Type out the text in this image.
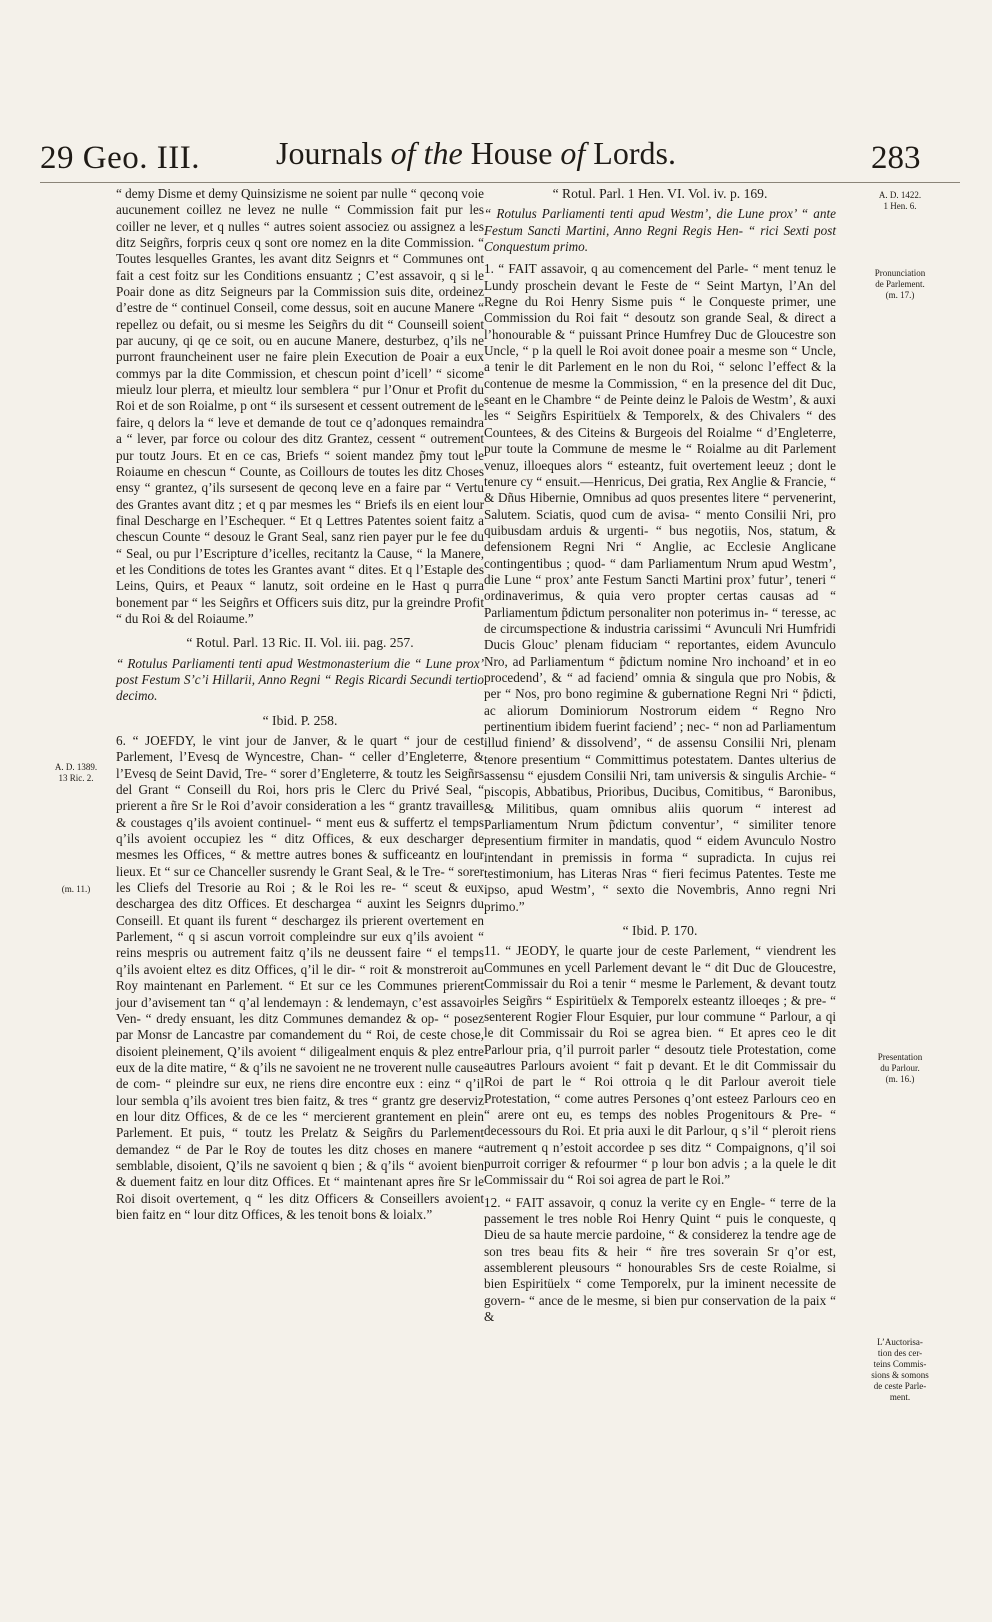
29 Geo. III. Journals of the House of Lords.	283
A. D. 1389.
13 Ric. 2.
(m. 11.)
A. D. 1422.
1 Hen. 6.
Pronunciation
de Parlement.
(m. 17.)
Presentation
du Parlour.
(m. 16.)
L’Auctorisa-
tion des cer-
teins Commis-
sions & somons
de ceste Parle-
ment.

“ demy Disme et demy Quinsizisme ne soient par nulle “ qeconq voie aucunement coillez ne levez ne nulle “ Commission fait pur les coiller ne lever, et q nulles “ autres soient associez ou assignez a les ditz Seigñrs, forpris ceux q sont ore nomez en la dite Commission. “ Toutes lesquelles Grantes, les avant ditz Seignrs et “ Communes ont fait a cest foitz sur les Conditions ensuantz ; C’est assavoir, q si le Poair done as ditz Seigneurs par la Commission suis dite, ordeinez d’estre de “ continuel Conseil, come dessus, soit en aucune Manere “ repellez ou defait, ou si mesme les Seigñrs du dit “ Counseill soient par aucuny, qi qe ce soit, ou en aucune Manere, desturbez, q’ils ne purront frauncheinent user ne faire plein Execution de Poair a eux commys par la dite Commission, et chescun point d’icell’ “ sicome mieulz lour plerra, et mieultz lour semblera “ pur l’Onur et Profit du Roi et de son Roialme, p ont “ ils sursesent et cessent outrement de le faire, q delors la “ leve et demande de tout ce q’adonques remaindra a “ lever, par force ou colour des ditz Grantez, cessent “ outrement pur toutz Jours. Et en ce cas, Briefs “ soient mandez p̃my tout le Roiaume en chescun “ Counte, as Coillours de toutes les ditz Choses ensy “ grantez, q’ils sursesent de qeconq leve en a faire par “ Vertu des Grantes avant ditz ; et q par mesmes les “ Briefs ils en eient lour final Descharge en l’Eschequer. “ Et q Lettres Patentes soient faitz a chescun Counte “ desouz le Grant Seal, sanz rien payer pur le fee du “ Seal, ou pur l’Escripture d’icelles, recitantz la Cause, “ la Manere, et les Conditions de totes les Grantes avant “ dites. Et q l’Estaple des Leins, Quirs, et Peaux “ lanutz, soit ordeine en le Hast q purra bonement par “ les Seigñrs et Officers suis ditz, pur la greindre Profit “ du Roi & del Roiaume.”

“ Rotul. Parl. 13 Ric. II. Vol. iii. pag. 257.

“ Rotulus Parliamenti tenti apud Westmonasterium die “ Lune prox’ post Festum S’c’i Hillarii, Anno Regni “ Regis Ricardi Secundi tertio decimo.

“ Ibid. P. 258.

6. “ JOEFDY, le vint jour de Janver, & le quart “ jour de cest Parlement, l’Evesq de Wyncestre, Chan- “ celler d’Engleterre, & l’Evesq de Seint David, Tre- “ sorer d’Engleterre, & toutz les Seigñrs del Grant “ Conseill du Roi, hors pris le Clerc du Privé Seal, “ prierent a ñre Sr le Roi d’avoir consideration a les “ grantz travailles & coustages q’ils avoient continuel- “ ment eus & suffertz el temps q’ils avoient occupiez les “ ditz Offices, & eux descharger de mesmes les Offices, “ & mettre autres bones & sufficeantz en lour lieux. Et “ sur ce Chanceller susrendy le Grant Seal, & le Tre- “ sorer les Cliefs del Tresorie au Roi ; & le Roi les re- “ sceut & eux deschargea des ditz Offices. Et deschargea “ auxint les Seignrs du Conseill. Et quant ils furent “ deschargez ils prierent overtement en Parlement, “ q si ascun vorroit compleindre sur eux q’ils avoient “ reins mespris ou autrement faitz q’ils ne deussent faire “ el temps q’ils avoient eltez es ditz Offices, q’il le dir- “ roit & monstreroit au Roy maintenant en Parlement. “ Et sur ce les Communes prierent jour d’avisement tan “ q’al lendemayn : & lendemayn, c’est assavoir Ven- “ dredy ensuant, les ditz Communes demandez & op- “ posez par Monsr de Lancastre par comandement du “ Roi, de ceste chose, disoient pleinement, Q’ils avoient “ diligealment enquis & plez entre eux de la dite matire, “ & q’ils ne savoient ne ne troverent nulle cause de com- “ pleindre sur eux, ne riens dire encontre eux : einz “ q’il lour sembla q’ils avoient tres bien faitz, & tres “ grantz gre deserviz en lour ditz Offices, & de ce les “ mercierent grantement en plein Parlement. Et puis, “ toutz les Prelatz & Seigñrs du Parlement demandez “ de Par le Roy de toutes les ditz choses en manere “ semblable, disoient, Q’ils ne savoient q bien ; & q’ils “ avoient bien & duement faitz en lour ditz Offices. Et “ maintenant apres ñre Sr le Roi disoit overtement, q “ les ditz Officers & Conseillers avoient bien faitz en “ lour ditz Offices, & les tenoit bons & loialx.”

“ Rotul. Parl. 1 Hen. VI. Vol. iv. p. 169.

“ Rotulus Parliamenti tenti apud Westm’, die Lune prox’ “ ante Festum Sancti Martini, Anno Regni Regis Hen- “ rici Sexti post Conquestum primo.

1. “ FAIT assavoir, q au comencement del Parle- “ ment tenuz le Lundy proschein devant le Feste de “ Seint Martyn, l’An del Regne du Roi Henry Sisme puis “ le Conqueste primer, une Commission du Roi fait “ desoutz son grande Seal, & direct a l’honourable & “ puissant Prince Humfrey Duc de Gloucestre son Uncle, “ p la quell le Roi avoit donee poair a mesme son “ Uncle, a tenir le dit Parlement en le non du Roi, “ selonc l’effect & la contenue de mesme la Commission, “ en la presence del dit Duc, seant en le Chambre “ de Peinte deinz le Palois de Westm’, & auxi les “ Seigñrs Espiritüelx & Temporelx, & des Chivalers “ des Countees, & des Citeins & Burgeois del Roialme “ d’Engleterre, pur toute la Commune de mesme le “ Roialme au dit Parlement venuz, illoeques alors “ esteantz, fuit overtement leeuz ; dont le tenure cy “ ensuit.—Henricus, Dei gratia, Rex Anglie & Francie, “ & Dñus Hibernie, Omnibus ad quos presentes litere “ pervenerint, Salutem. Sciatis, quod cum de avisa- “ mento Consilii Nri, pro quibusdam arduis & urgenti- “ bus negotiis, Nos, statum, & defensionem Regni Nri “ Anglie, ac Ecclesie Anglicane contingentibus ; quod- “ dam Parliamentum Nrum apud Westm’, die Lune “ prox’ ante Festum Sancti Martini prox’ futur’, teneri “ ordinaverimus, & quia vero propter certas causas ad “ Parliamentum p̃dictum personaliter non poterimus in- “ teresse, ac de circumspectione & industria carissimi “ Avunculi Nri Humfridi Ducis Glouc’ plenam fiduciam “ reportantes, eidem Avunculo Nro, ad Parliamentum “ p̃dictum nomine Nro inchoand’ et in eo procedend’, & “ ad faciend’ omnia & singula que pro Nobis, & per “ Nos, pro bono regimine & gubernatione Regni Nri “ p̃dicti, ac aliorum Dominiorum Nostrorum eidem “ Regno Nro pertinentium ibidem fuerint faciend’ ; nec- “ non ad Parliamentum illud finiend’ & dissolvend’, “ de assensu Consilii Nri, plenam tenore presentium “ Committimus potestatem. Dantes ulterius de assensu “ ejusdem Consilii Nri, tam universis & singulis Archie- “ piscopis, Abbatibus, Prioribus, Ducibus, Comitibus, “ Baronibus, & Militibus, quam omnibus aliis quorum “ interest ad Parliamentum Nrum p̃dictum conventur’, “ similiter tenore presentium firmiter in mandatis, quod “ eidem Avunculo Nostro intendant in premissis in forma “ supradicta. In cujus rei testimonium, has Literas Nras “ fieri fecimus Patentes. Teste me ipso, apud Westm’, “ sexto die Novembris, Anno regni Nri primo.”

“ Ibid. P. 170.

11. “ JEODY, le quarte jour de ceste Parlement, “ viendrent les Communes en ycell Parlement devant le “ dit Duc de Gloucestre, Commissair du Roi a tenir “ mesme le Parlement, & devant toutz les Seigñrs “ Espiritüelx & Temporelx esteantz illoeqes ; & pre- “ senterent Rogier Flour Esquier, pur lour commune “ Parlour, a qi le dit Commissair du Roi se agrea bien. “ Et apres ceo le dit Parlour pria, q’il purroit parler “ desoutz tiele Protestation, come autres Parlours avoient “ fait p devant. Et le dit Commissair du Roi de part le “ Roi ottroia q le dit Parlour averoit tiele Protestation, “ come autres Persones q’ont esteez Parlours ceo en “ arere ont eu, es temps des nobles Progenitours & Pre- “ decessours du Roi. Et pria auxi le dit Parlour, q s’il “ pleroit riens autrement q n’estoit accordee p ses ditz “ Compaignons, q’il soi purroit corriger & refourmer “ p lour bon advis ; a la quele le dit Commissair du “ Roi soi agrea de part le Roi.”

12. “ FAIT assavoir, q conuz la verite cy en Engle- “ terre de la passement le tres noble Roi Henry Quint “ puis le conqueste, q Dieu de sa haute mercie pardoine, “ & considerez la tendre age de son tres beau fits & heir “ ñre tres soverain Sr q’or est, assemblerent pleusours “ honourables Srs de ceste Roialme, si bien Espiritüelx “ come Temporelx, pur la iminent necessite de govern- “ ance de le mesme, si bien pur conservation de la paix “ &
